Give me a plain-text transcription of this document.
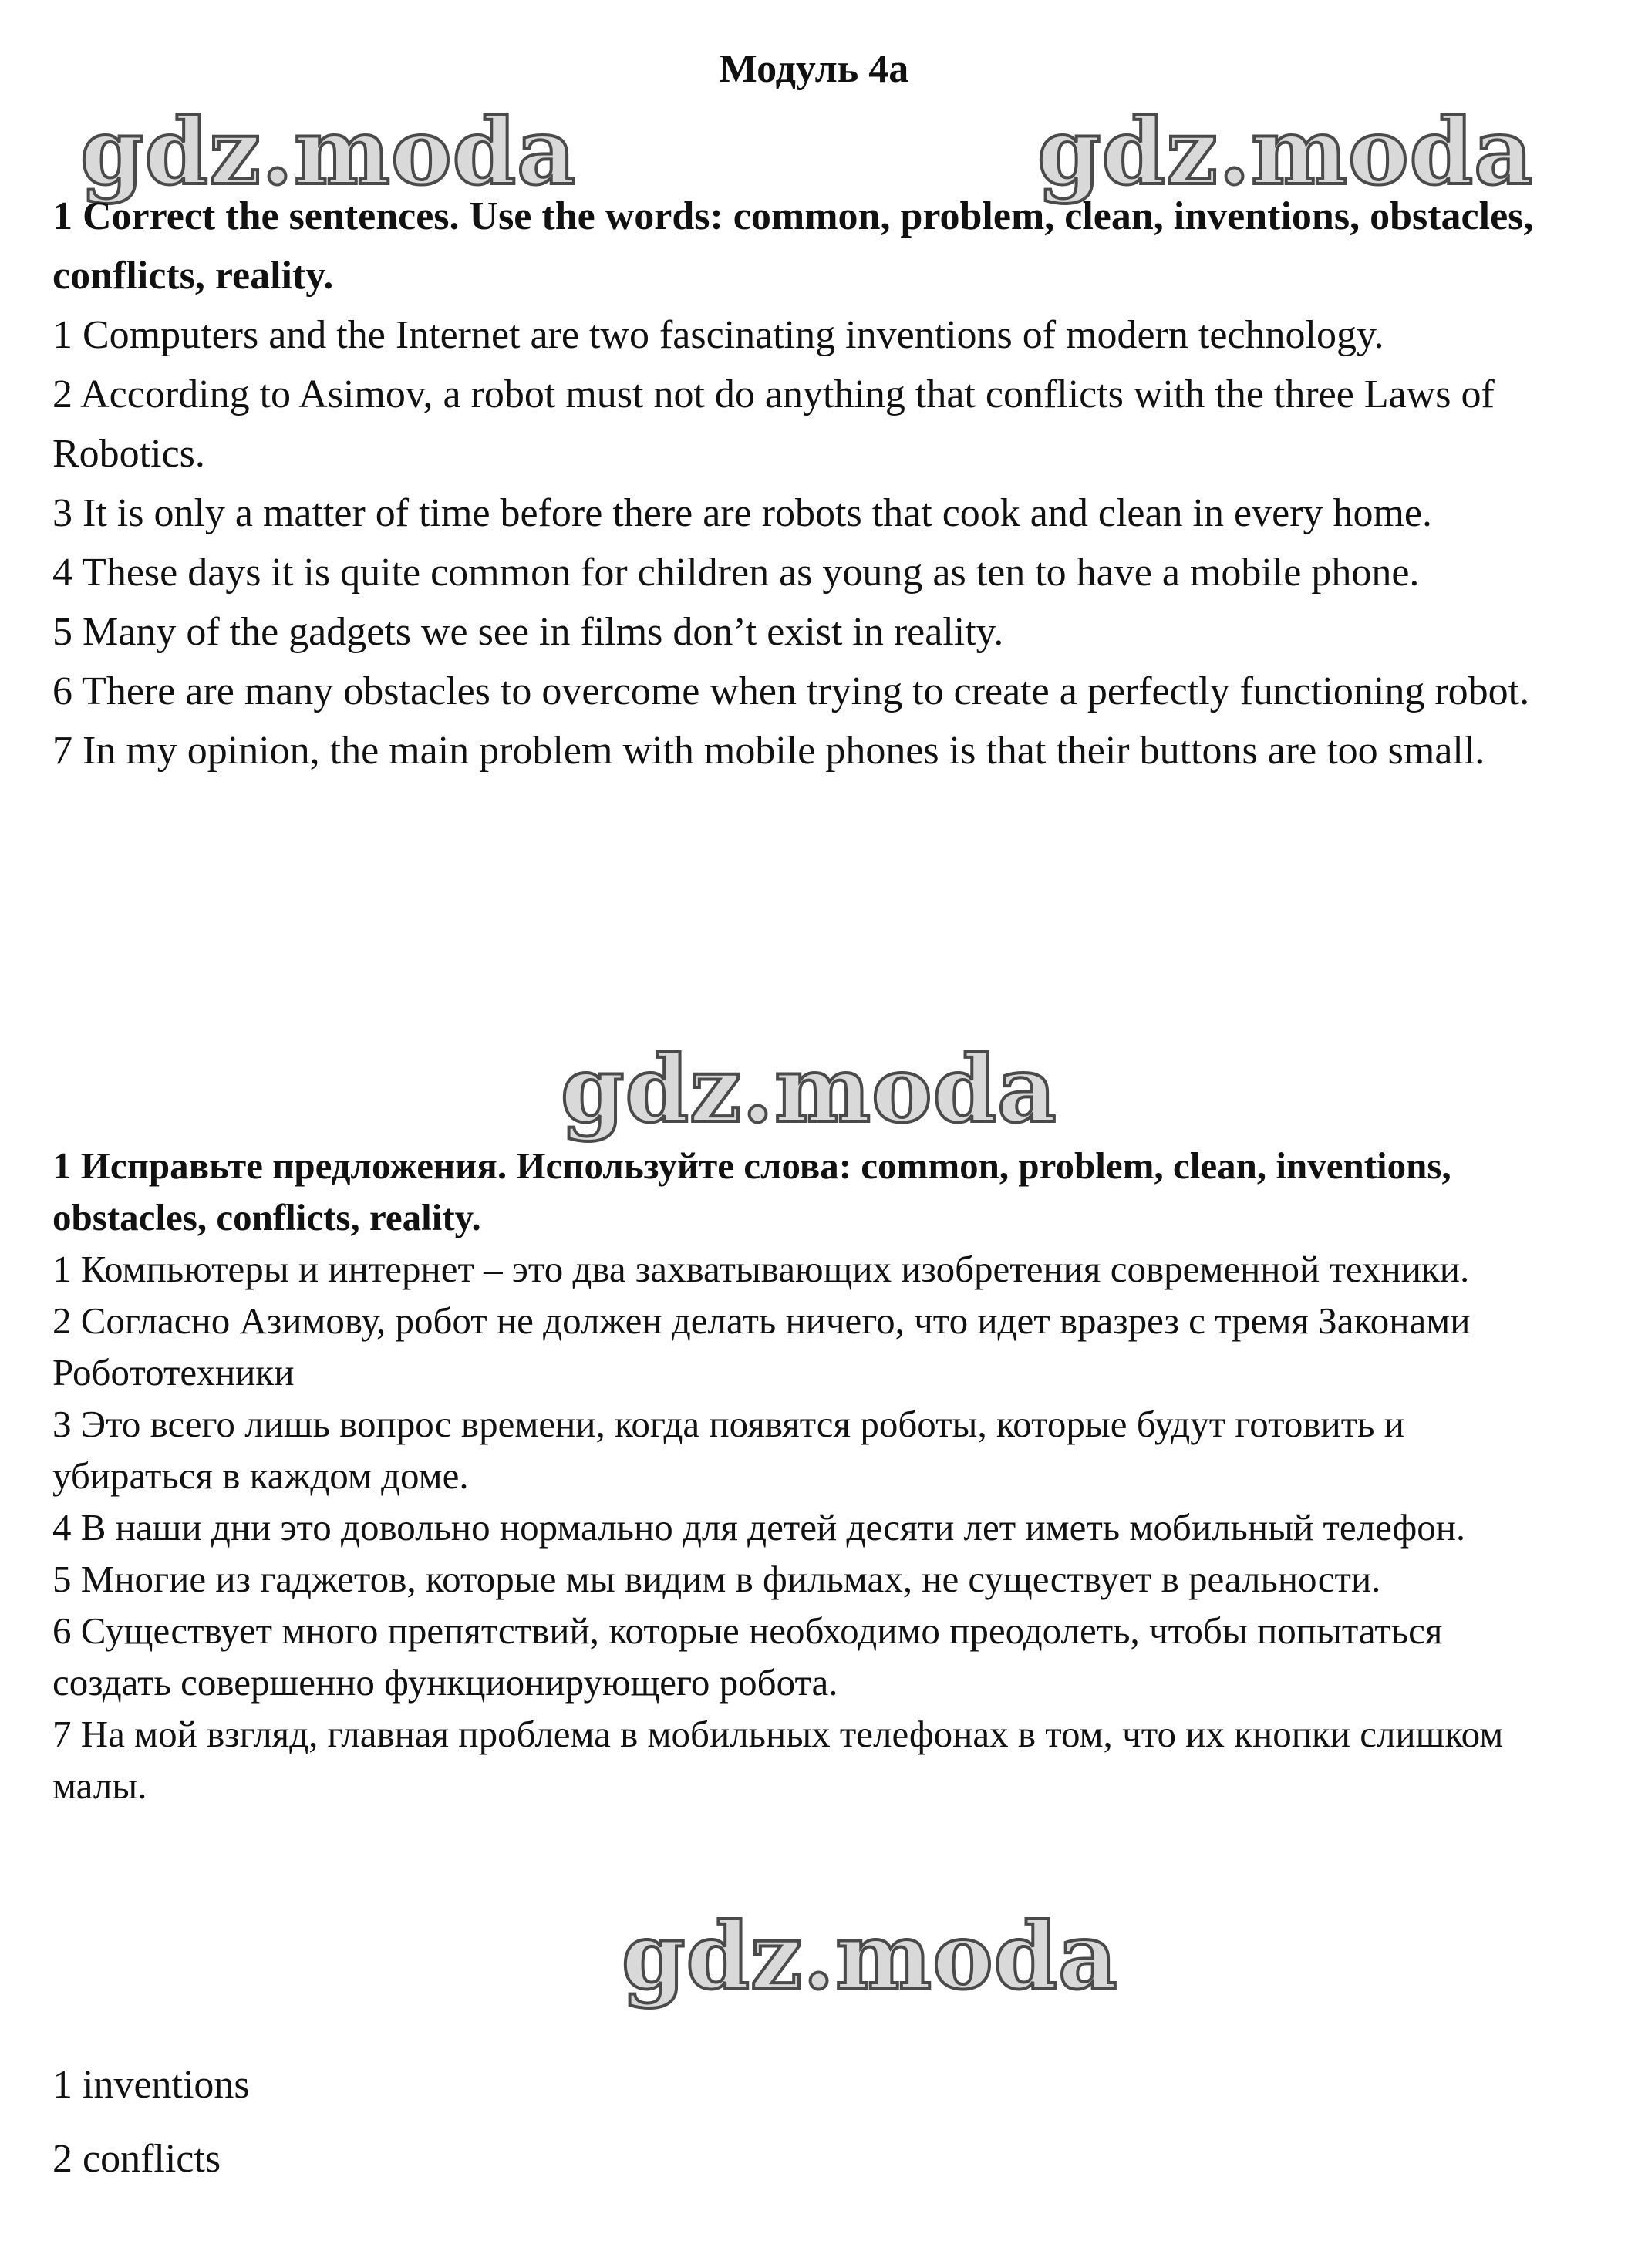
Модуль 4a
gdz.moda	gdz.moda
gdz.moda
gdz.moda

1 Correct the sentences. Use the words: common, problem, clean, inventions, obstacles, conflicts, reality.

1 Computers and the Internet are two fascinating inventions of modern technology.

2 According to Asimov, a robot must not do anything that conflicts with the three Laws of Robotics.

3 It is only a matter of time before there are robots that cook and clean in every home.

4 These days it is quite common for children as young as ten to have a mobile phone.

5 Many of the gadgets we see in films don’t exist in reality.

6 There are many obstacles to overcome when trying to create a perfectly functioning robot.

7 In my opinion, the main problem with mobile phones is that their buttons are too small.

1 Исправьте предложения. Используйте слова: common, problem, clean, inventions, obstacles, conflicts, reality.

1 Компьютеры и интернет – это два захватывающих изобретения современной техники.

2 Согласно Азимову, робот не должен делать ничего, что идет вразрез с тремя Законами Робототехники

3 Это всего лишь вопрос времени, когда появятся роботы, которые будут готовить и убираться в каждом доме.

4 В наши дни это довольно нормально для детей десяти лет иметь мобильный телефон.

5 Многие из гаджетов, которые мы видим в фильмах, не существует в реальности.

6 Существует много препятствий, которые необходимо преодолеть, чтобы попытаться создать совершенно функционирующего робота.

7 На мой взгляд, главная проблема в мобильных телефонах в том, что их кнопки слишком малы.

1 inventions

2 conflicts
